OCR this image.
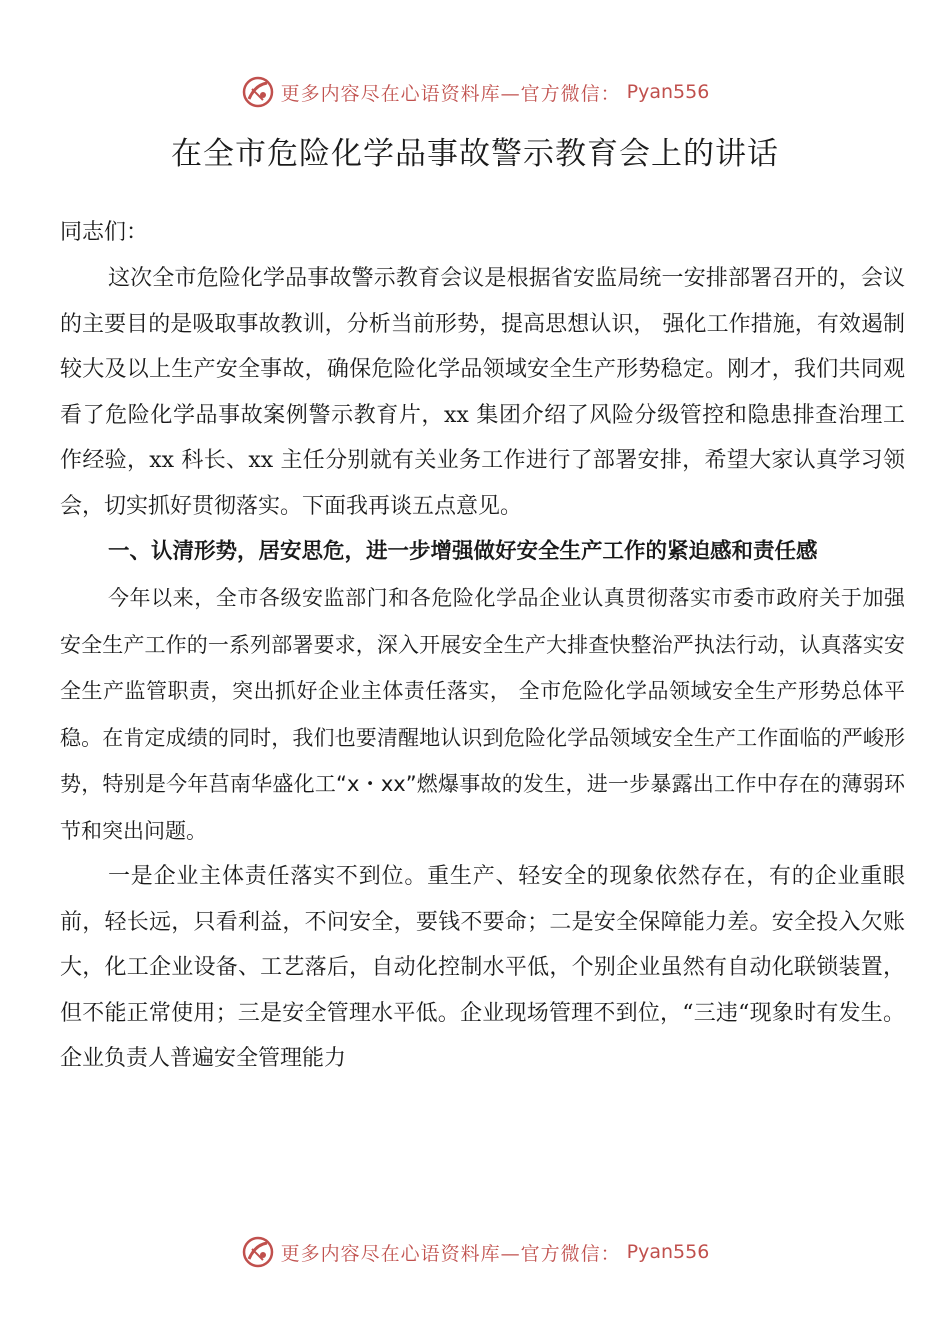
更多内容尽在心语资料库—官方微信： Pyan556
在全市危险化学品事故警示教育会上的讲话

同志们：

这次全市危险化学品事故警示教育会议是根据省安监局统一安排部署召开的，会议的主要目的是吸取事故教训，分析当前形势，提高思想认识， 强化工作措施，有效遏制较大及以上生产安全事故，确保危险化学品领域安全生产形势稳定。刚才，我们共同观看了危险化学品事故案例警示教育片，xx 集团介绍了风险分级管控和隐患排查治理工作经验，xx 科长、xx 主任分别就有关业务工作进行了部署安排，希望大家认真学习领会，切实抓好贯彻落实。下面我再谈五点意见。

一、认清形势，居安思危，进一步增强做好安全生产工作的紧迫感和责任感

今年以来，全市各级安监部门和各危险化学品企业认真贯彻落实市委市政府关于加强安全生产工作的一系列部署要求，深入开展安全生产大排查快整治严执法行动，认真落实安全生产监管职责，突出抓好企业主体责任落实， 全市危险化学品领域安全生产形势总体平稳。在肯定成绩的同时，我们也要清醒地认识到危险化学品领域安全生产工作面临的严峻形势，特别是今年莒南华盛化工“x・xx”燃爆事故的发生，进一步暴露出工作中存在的薄弱环节和突出问题。

一是企业主体责任落实不到位。重生产、轻安全的现象依然存在，有的企业重眼前，轻长远，只看利益，不问安全，要钱不要命；二是安全保障能力差。安全投入欠账大，化工企业设备、工艺落后，自动化控制水平低，个别企业虽然有自动化联锁装置，但不能正常使用；三是安全管理水平低。企业现场管理不到位，“三违“现象时有发生。企业负责人普遍安全管理能力

更多内容尽在心语资料库—官方微信： Pyan556
